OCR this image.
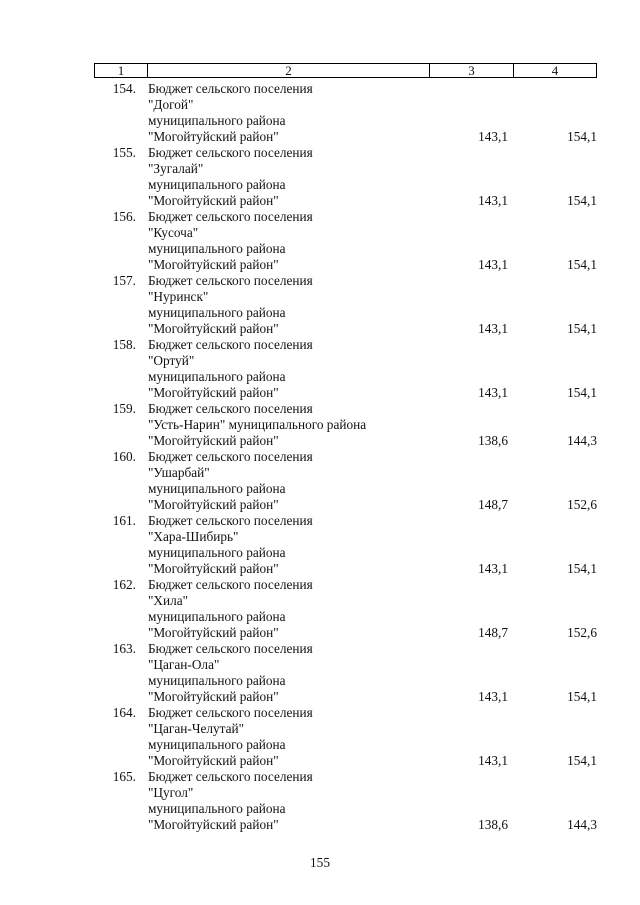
1	2	3	4
154. Бюджет сельского поселения
"Догой"
муниципального района
"Могойтуйский район"	143,1	154,1
155. Бюджет сельского поселения
"Зугалай"
муниципального района
"Могойтуйский район"	143,1	154,1
156. Бюджет сельского поселения
"Кусоча"
муниципального района
"Могойтуйский район"	143,1	154,1
157. Бюджет сельского поселения
"Нуринск"
муниципального района
"Могойтуйский район"	143,1	154,1
158. Бюджет сельского поселения
"Ортуй"
муниципального района
"Могойтуйский район"	143,1	154,1
159. Бюджет сельского поселения
"Усть-Нарин" муниципального района
"Могойтуйский район"	138,6	144,3
160. Бюджет сельского поселения
"Ушарбай"
муниципального района
"Могойтуйский район"	148,7	152,6
161. Бюджет сельского поселения
"Хара-Шибирь"
муниципального района
"Могойтуйский район"	143,1	154,1
162. Бюджет сельского поселения
"Хила"
муниципального района
"Могойтуйский район"	148,7	152,6
163. Бюджет сельского поселения
"Цаган-Ола"
муниципального района
"Могойтуйский район"	143,1	154,1
164. Бюджет сельского поселения
"Цаган-Челутай"
муниципального района
"Могойтуйский район"	143,1	154,1
165. Бюджет сельского поселения
"Цугол"
муниципального района
"Могойтуйский район"	138,6	144,3
155
